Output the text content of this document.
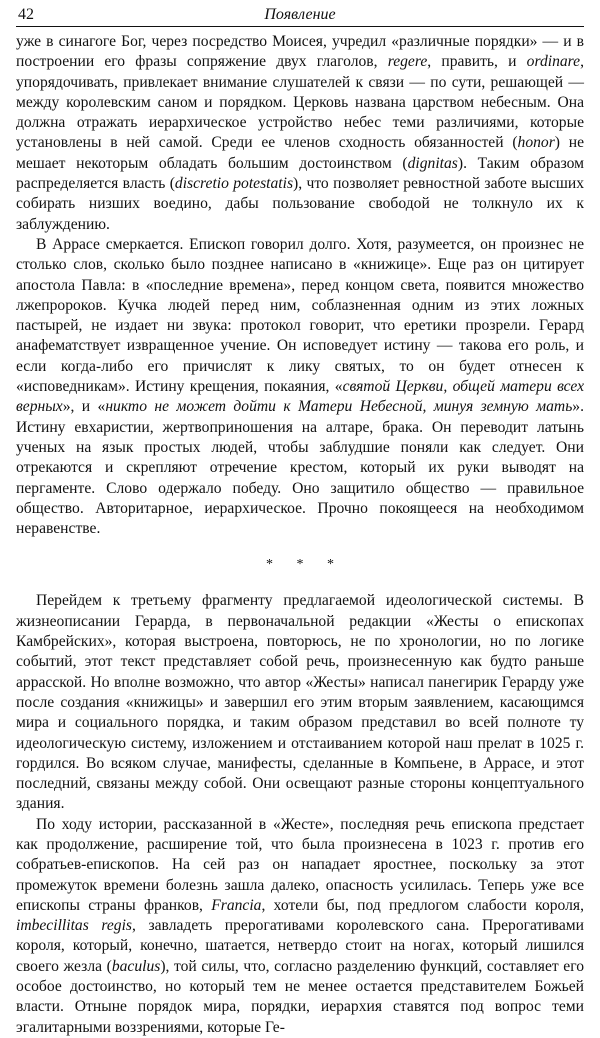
42	Появление

уже в синагоге Бог, через посредство Моисея, учредил «различные порядки» — и в построении его фразы сопряжение двух глаголов, regere, править, и ordinare, упорядочивать, привлекает внимание слушателей к связи — по сути, решающей — между королевским саном и порядком. Церковь названа царством небесным. Она должна отражать иерархическое устройство небес теми различиями, которые установлены в ней самой. Среди ее членов сходность обязанностей (honor) не мешает некоторым обладать большим достоинством (dignitas). Таким образом распределяется власть (discretio potestatis), что позволяет ревностной заботе высших собирать низших воедино, дабы пользование свободой не толкнуло их к заблуждению.

В Аррасе смеркается. Епископ говорил долго. Хотя, разумеется, он произнес не столько слов, сколько было позднее написано в «книжице». Еще раз он цитирует апостола Павла: в «последние времена», перед концом света, появится множество лжепророков. Кучка людей перед ним, соблазненная одним из этих ложных пастырей, не издает ни звука: протокол говорит, что еретики прозрели. Герард анафематствует извращенное учение. Он исповедует истину — такова его роль, и если когда-либо его причислят к лику святых, то он будет отнесен к «исповедникам». Истину крещения, покаяния, «святой Церкви, общей матери всех верных», и «никто не может дойти к Матери Небесной, минуя земную мать». Истину евхаристии, жертвоприношения на алтаре, брака. Он переводит латынь ученых на язык простых людей, чтобы заблудшие поняли как следует. Они отрекаются и скрепляют отречение крестом, который их руки выводят на пергаменте. Слово одержало победу. Оно защитило общество — правильное общество. Авторитарное, иерархическое. Прочно покоящееся на необходимом неравенстве.

* * *

Перейдем к третьему фрагменту предлагаемой идеологической системы. В жизнеописании Герарда, в первоначальной редакции «Жесты о епископах Камбрейских», которая выстроена, повторюсь, не по хронологии, но по логике событий, этот текст представляет собой речь, произнесенную как будто раньше аррасской. Но вполне возможно, что автор «Жесты» написал панегирик Герарду уже после создания «книжицы» и завершил его этим вторым заявлением, касающимся мира и социального порядка, и таким образом представил во всей полноте ту идеологическую систему, изложением и отстаиванием которой наш прелат в 1025 г. гордился. Во всяком случае, манифесты, сделанные в Компьене, в Аррасе, и этот последний, связаны между собой. Они освещают разные стороны концептуального здания.

По ходу истории, рассказанной в «Жесте», последняя речь епископа предстает как продолжение, расширение той, что была произнесена в 1023 г. против его собратьев-епископов. На сей раз он нападает яростнее, поскольку за этот промежуток времени болезнь зашла далеко, опасность усилилась. Теперь уже все епископы страны франков, Francia, хотели бы, под предлогом слабости короля, imbecillitas regis, завладеть прерогативами королевского сана. Прерогативами короля, который, конечно, шатается, нетвердо стоит на ногах, который лишился своего жезла (baculus), той силы, что, согласно разделению функций, составляет его особое достоинство, но который тем не менее остается представителем Божьей власти. Отныне порядок мира, порядки, иерархия ставятся под вопрос теми эгалитарными воззрениями, которые Ге-
